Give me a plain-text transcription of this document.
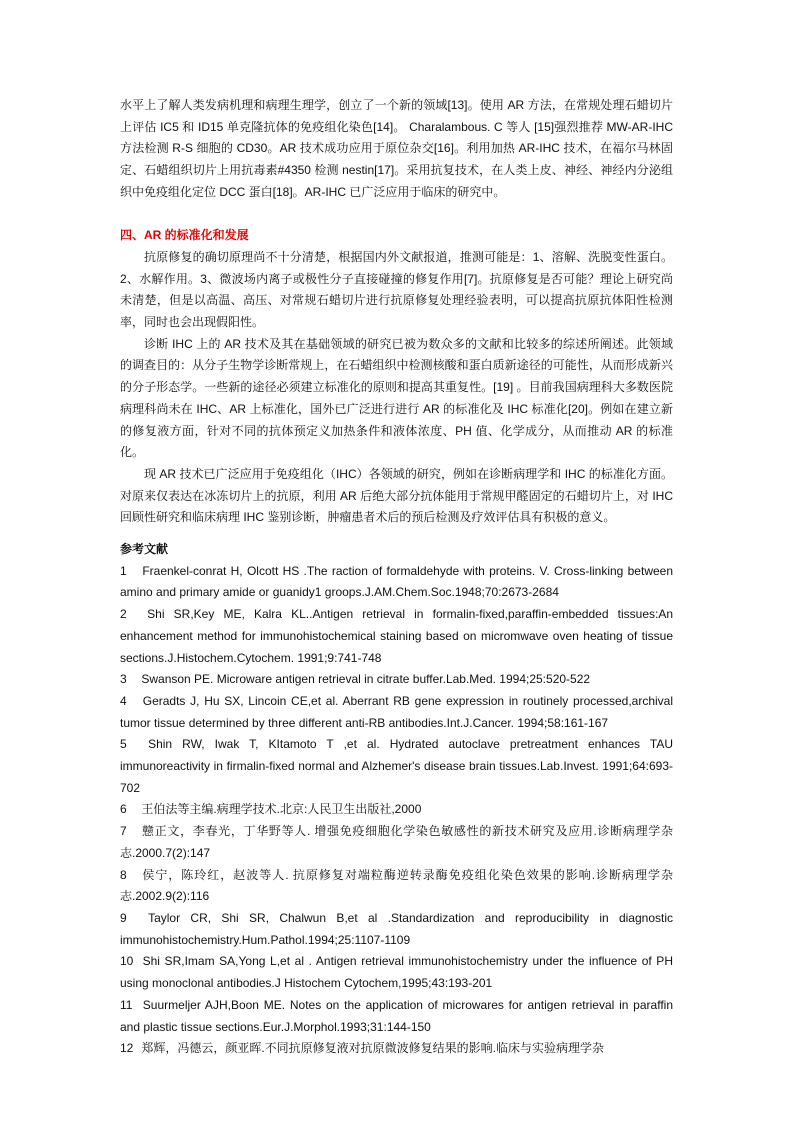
水平上了解人类发病机理和病理生理学，创立了一个新的领域[13]。使用 AR 方法，在常规处理石蜡切片上评估 IC5 和 ID15 单克隆抗体的免疫组化染色[14]。 Charalambous. C 等人 [15]强烈推荐 MW-AR-IHC 方法检测 R-S 细胞的 CD30。AR 技术成功应用于原位杂交[16]。利用加热 AR-IHC 技术，在福尔马林固定、石蜡组织切片上用抗毒素#4350 检测 nestin[17]。采用抗复技术，在人类上皮、神经、神经内分泌组织中免疫组化定位 DCC 蛋白[18]。AR-IHC 已广泛应用于临床的研究中。

四、AR 的标准化和发展

抗原修复的确切原理尚不十分清楚，根据国内外文献报道，推测可能是：1、溶解、洗脱变性蛋白。2、水解作用。3、微波场内离子或极性分子直接碰撞的修复作用[7]。抗原修复是否可能？理论上研究尚未清楚，但是以高温、高压、对常规石蜡切片进行抗原修复处理经验表明，可以提高抗原抗体阳性检测率，同时也会出现假阳性。

诊断 IHC 上的 AR 技术及其在基础领域的研究已被为数众多的文献和比较多的综述所阐述。此领域的调查目的：从分子生物学诊断常规上，在石蜡组织中检测核酸和蛋白质新途径的可能性，从而形成新兴的分子形态学。一些新的途径必须建立标准化的原则和提高其重复性。[19] 。目前我国病理科大多数医院病理科尚未在 IHC、AR 上标准化，国外已广泛进行进行 AR 的标准化及 IHC 标准化[20]。例如在建立新的修复液方面，针对不同的抗体预定义加热条件和液体浓度、PH 值、化学成分，从而推动 AR 的标准化。

现 AR 技术已广泛应用于免疫组化（IHC）各领域的研究，例如在诊断病理学和 IHC 的标准化方面。对原来仅表达在冰冻切片上的抗原，利用 AR 后绝大部分抗体能用于常规甲醛固定的石蜡切片上，对 IHC 回顾性研究和临床病理 IHC 鉴别诊断，肿瘤患者术后的预后检测及疗效评估具有积极的意义。

参考文献

1 Fraenkel-conrat H, Olcott HS .The raction of formaldehyde with proteins. V. Cross-linking between amino and primary amide or guanidy1 groops.J.AM.Chem.Soc.1948;70:2673-2684

2 Shi SR,Key ME, Kalra KL..Antigen retrieval in formalin-fixed,paraffin-embedded tissues:An enhancement method for immunohistochemical staining based on micromwave oven heating of tissue sections.J.Histochem.Cytochem. 1991;9:741-748

3 Swanson PE. Microware antigen retrieval in citrate buffer.Lab.Med. 1994;25:520-522

4 Geradts J, Hu SX, Lincoin CE,et al. Aberrant RB gene expression in routinely processed,archival tumor tissue determined by three different anti-RB antibodies.Int.J.Cancer. 1994;58:161-167

5 Shin RW, Iwak T, KItamoto T ,et al. Hydrated autoclave pretreatment enhances TAU immunoreactivity in firmalin-fixed normal and Alzhemer's disease brain tissues.Lab.Invest. 1991;64:693-702

6 王伯法等主编.病理学技术.北京:人民卫生出版社,2000

7 戆正文，李春光，丁华野等人. 增强免疫细胞化学染色敏感性的新技术研究及应用.诊断病理学杂志.2000.7(2):147

8 侯宁，陈玲红，赵波等人. 抗原修复对端粒酶逆转录酶免疫组化染色效果的影响.诊断病理学杂志.2002.9(2):116

9 Taylor CR, Shi SR, Chalwun B,et al .Standardization and reproducibility in diagnostic immunohistochemistry.Hum.Pathol.1994;25:1107-1109

10 Shi SR,Imam SA,Yong L,et al . Antigen retrieval immunohistochemistry under the influence of PH using monoclonal antibodies.J Histochem Cytochem,1995;43:193-201

11 Suurmeljer AJH,Boon ME. Notes on the application of microwares for antigen retrieval in paraffin and plastic tissue sections.Eur.J.Morphol.1993;31:144-150

12 郑辉，冯德云，颜亚晖.不同抗原修复液对抗原微波修复结果的影响.临床与实验病理学杂
